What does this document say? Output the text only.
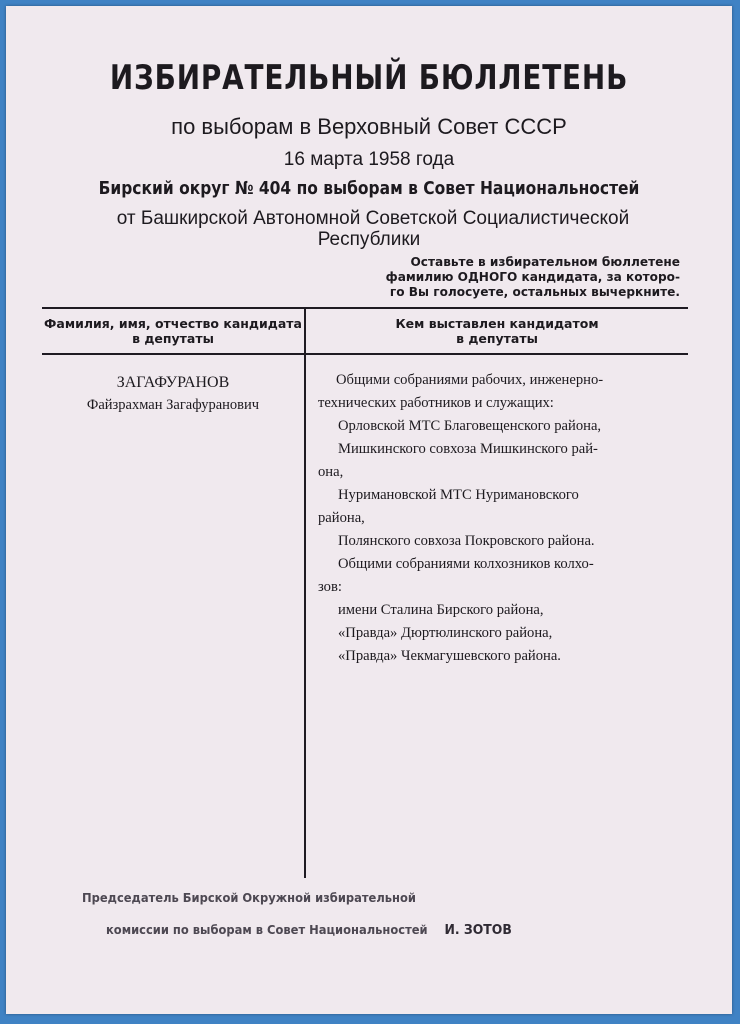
ИЗБИРАТЕЛЬНЫЙ БЮЛЛЕТЕНЬ
по выборам в Верховный Совет СССР
16 марта 1958 года
Бирский округ № 404 по выборам в Совет Национальностей
от Башкирской Автономной Советской Социалистической
Республики
Оставьте в избирательном бюллетене
фамилию ОДНОГО кандидата, за которо-
го Вы голосуете, остальных вычеркните.
Фамилия, имя, отчество кандидата
в депутаты
Кем выставлен кандидатом
в депутаты
ЗАГАФУРАНОВ
Файзрахман Загафуранович
Общими собраниями рабочих, инженерно-
технических работников и служащих:
Орловской МТС Благовещенского района,
Мишкинского совхоза Мишкинского рай-
она,
Нуримановской МТС Нуримановского
района,
Полянского совхоза Покровского района.
Общими собраниями колхозников колхо-
зов:
имени Сталина Бирского района,
«Правда» Дюртюлинского района,
«Правда» Чекмагушевского района.
Председатель Бирской Окружной избирательной
комиссии по выборам в Совет Национальностей И. ЗОТОВ
